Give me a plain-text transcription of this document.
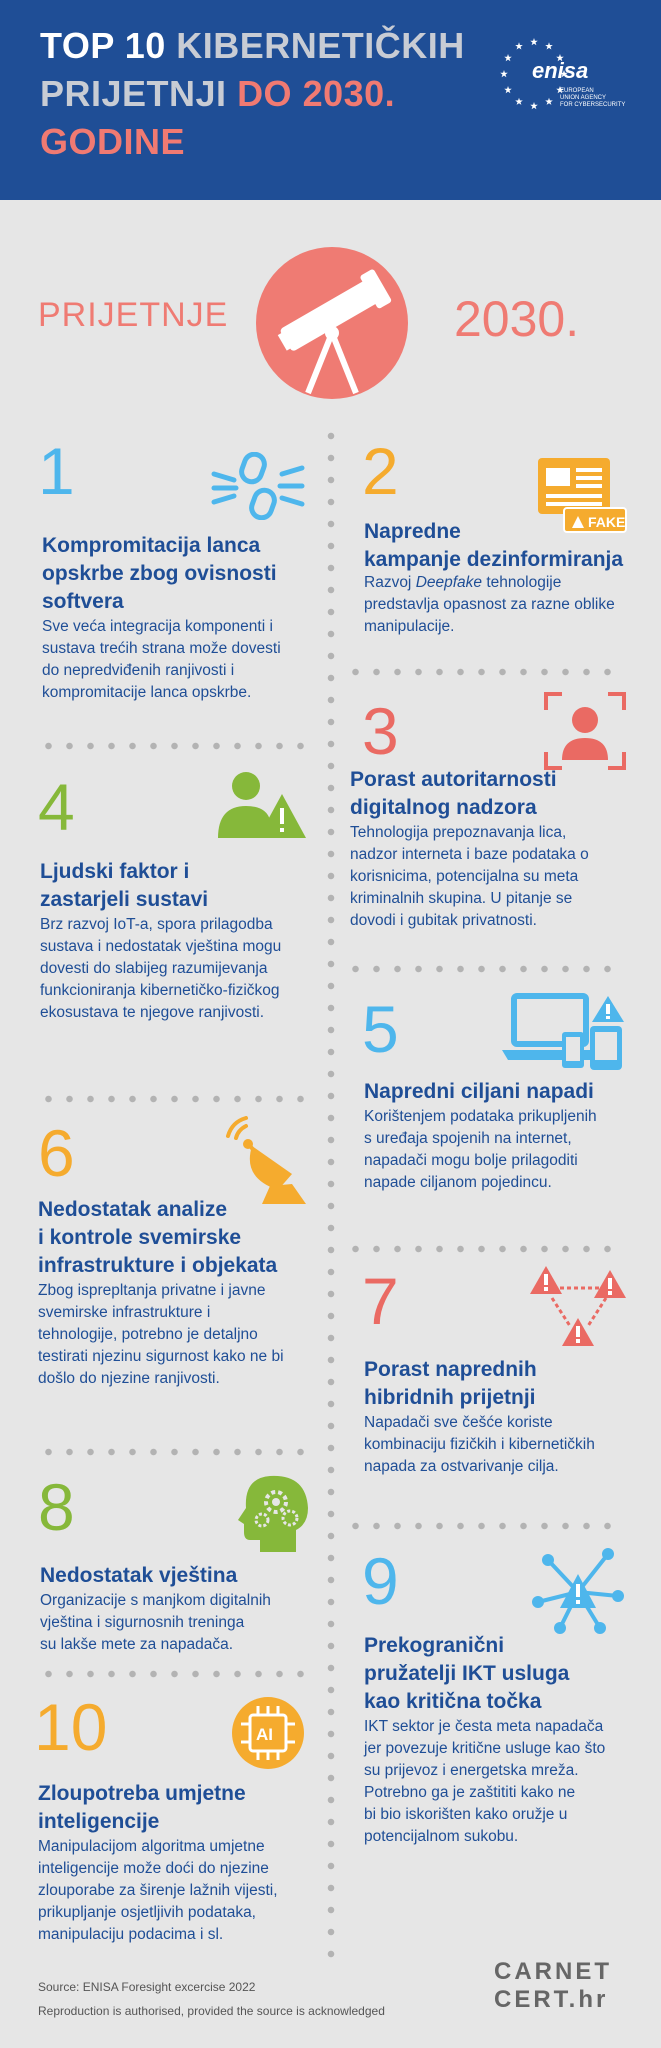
TOP 10 KIBERNETIČKIH
PRIJETNJI DO 2030.
GODINE
enisa
EUROPEAN
UNION AGENCY
FOR CYBERSECURITY
PRIJETNJE	2030.
1
Kompromitacija lanca
opskrbe zbog ovisnosti
softvera
Sve veća integracija komponenti i
sustava trećih strana može dovesti
do nepredviđenih ranjivosti i
kompromitacije lanca opskrbe.
2
FAKE
Napredne
kampanje dezinformiranja
Razvoj Deepfake tehnologije
predstavlja opasnost za razne oblike
manipulacije.
3
Porast autoritarnosti
digitalnog nadzora
Tehnologija prepoznavanja lica,
nadzor interneta i baze podataka o
korisnicima, potencijalna su meta
kriminalnih skupina. U pitanje se
dovodi i gubitak privatnosti.
4
Ljudski faktor i
zastarjeli sustavi
Brz razvoj IoT-a, spora prilagodba
sustava i nedostatak vještina mogu
dovesti do slabijeg razumijevanja
funkcioniranja kibernetičko-fizičkog
ekosustava te njegove ranjivosti. 5
Napredni ciljani napadi
Korištenjem podataka prikupljenih
s uređaja spojenih na internet,
napadači mogu bolje prilagoditi
napade ciljanom pojedincu.
6
Nedostatak analize
i kontrole svemirske
infrastrukture i objekata
Zbog isprepltanja privatne i javne
svemirske infrastrukture i
tehnologije, potrebno je detaljno
testirati njezinu sigurnost kako ne bi
došlo do njezine ranjivosti.
7
Porast naprednih
hibridnih prijetnji
Napadači sve češće koriste
kombinaciju fizičkih i kibernetičkih
napada za ostvarivanje cilja.
8
Nedostatak vještina
Organizacije s manjkom digitalnih
vještina i sigurnosnih treninga
su lakše mete za napadača.
9
Prekogranični
pružatelji IKT usluga
kao kritična točka
IKT sektor je česta meta napadača
jer povezuje kritične usluge kao što
su prijevoz i energetska mreža.
Potrebno ga je zaštititi kako ne
bi bio iskorišten kako oružje u
potencijalnom sukobu.
10	AI
Zloupotreba umjetne
inteligencije
Manipulacijom algoritma umjetne
inteligencije može doći do njezine
zlouporabe za širenje lažnih vijesti,
prikupljanje osjetljivih podataka,
manipulaciju podacima i sl.
Source: ENISA Foresight excercise 2022
Reproduction is authorised, provided the source is acknowledged
CARNET
CERT.hr
